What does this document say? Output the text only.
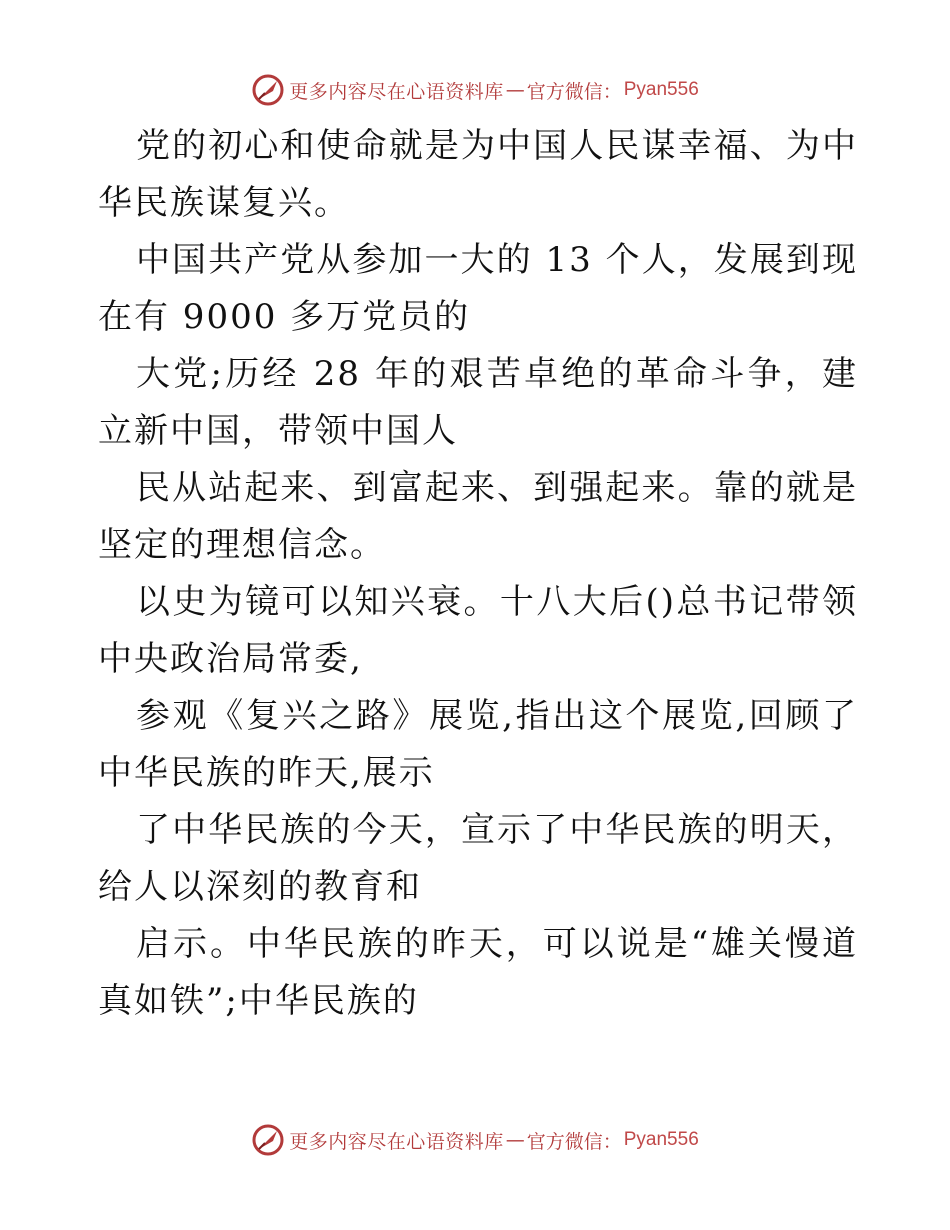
更多内容尽在心语资料库 — 官方微信： Pyan556

党的初心和使命就是为中国人民谋幸福、为中华民族谋复兴。

中国共产党从参加一大的 13 个人，发展到现在有 9000 多万党员的

大党;历经 28 年的艰苦卓绝的革命斗争，建立新中国，带领中国人

民从站起来、到富起来、到强起来。靠的就是坚定的理想信念。

以史为镜可以知兴衰。十八大后()总书记带领中央政治局常委,

参观《复兴之路》展览,指出这个展览,回顾了中华民族的昨天,展示

了中华民族的今天，宣示了中华民族的明天，给人以深刻的教育和

启示。中华民族的昨天，可以说是“雄关慢道真如铁”;中华民族的

更多内容尽在心语资料库 — 官方微信： Pyan556
